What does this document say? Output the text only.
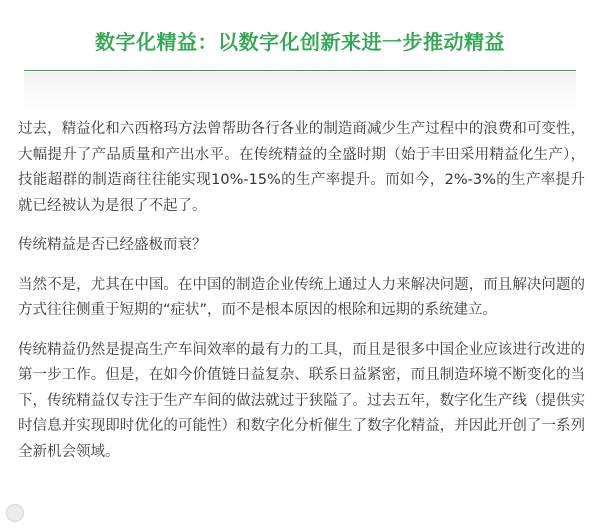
数字化精益：以数字化创新来进一步推动精益

过去，精益化和六西格玛方法曾帮助各行各业的制造商减少生产过程中的浪费和可变性，大幅提升了产品质量和产出水平。在传统精益的全盛时期（始于丰田采用精益化生产），技能超群的制造商往往能实现10%-15%的生产率提升。而如今，2%-3%的生产率提升就已经被认为是很了不起了。

传统精益是否已经盛极而衰？

当然不是，尤其在中国。在中国的制造企业传统上通过人力来解决问题，而且解决问题的方式往往侧重于短期的“症状”，而不是根本原因的根除和远期的系统建立。

传统精益仍然是提高生产车间效率的最有力的工具，而且是很多中国企业应该进行改进的第一步工作。但是，在如今价值链日益复杂、联系日益紧密，而且制造环境不断变化的当下，传统精益仅专注于生产车间的做法就过于狭隘了。过去五年，数字化生产线（提供实时信息并实现即时优化的可能性）和数字化分析催生了数字化精益，并因此开创了一系列全新机会领域。
